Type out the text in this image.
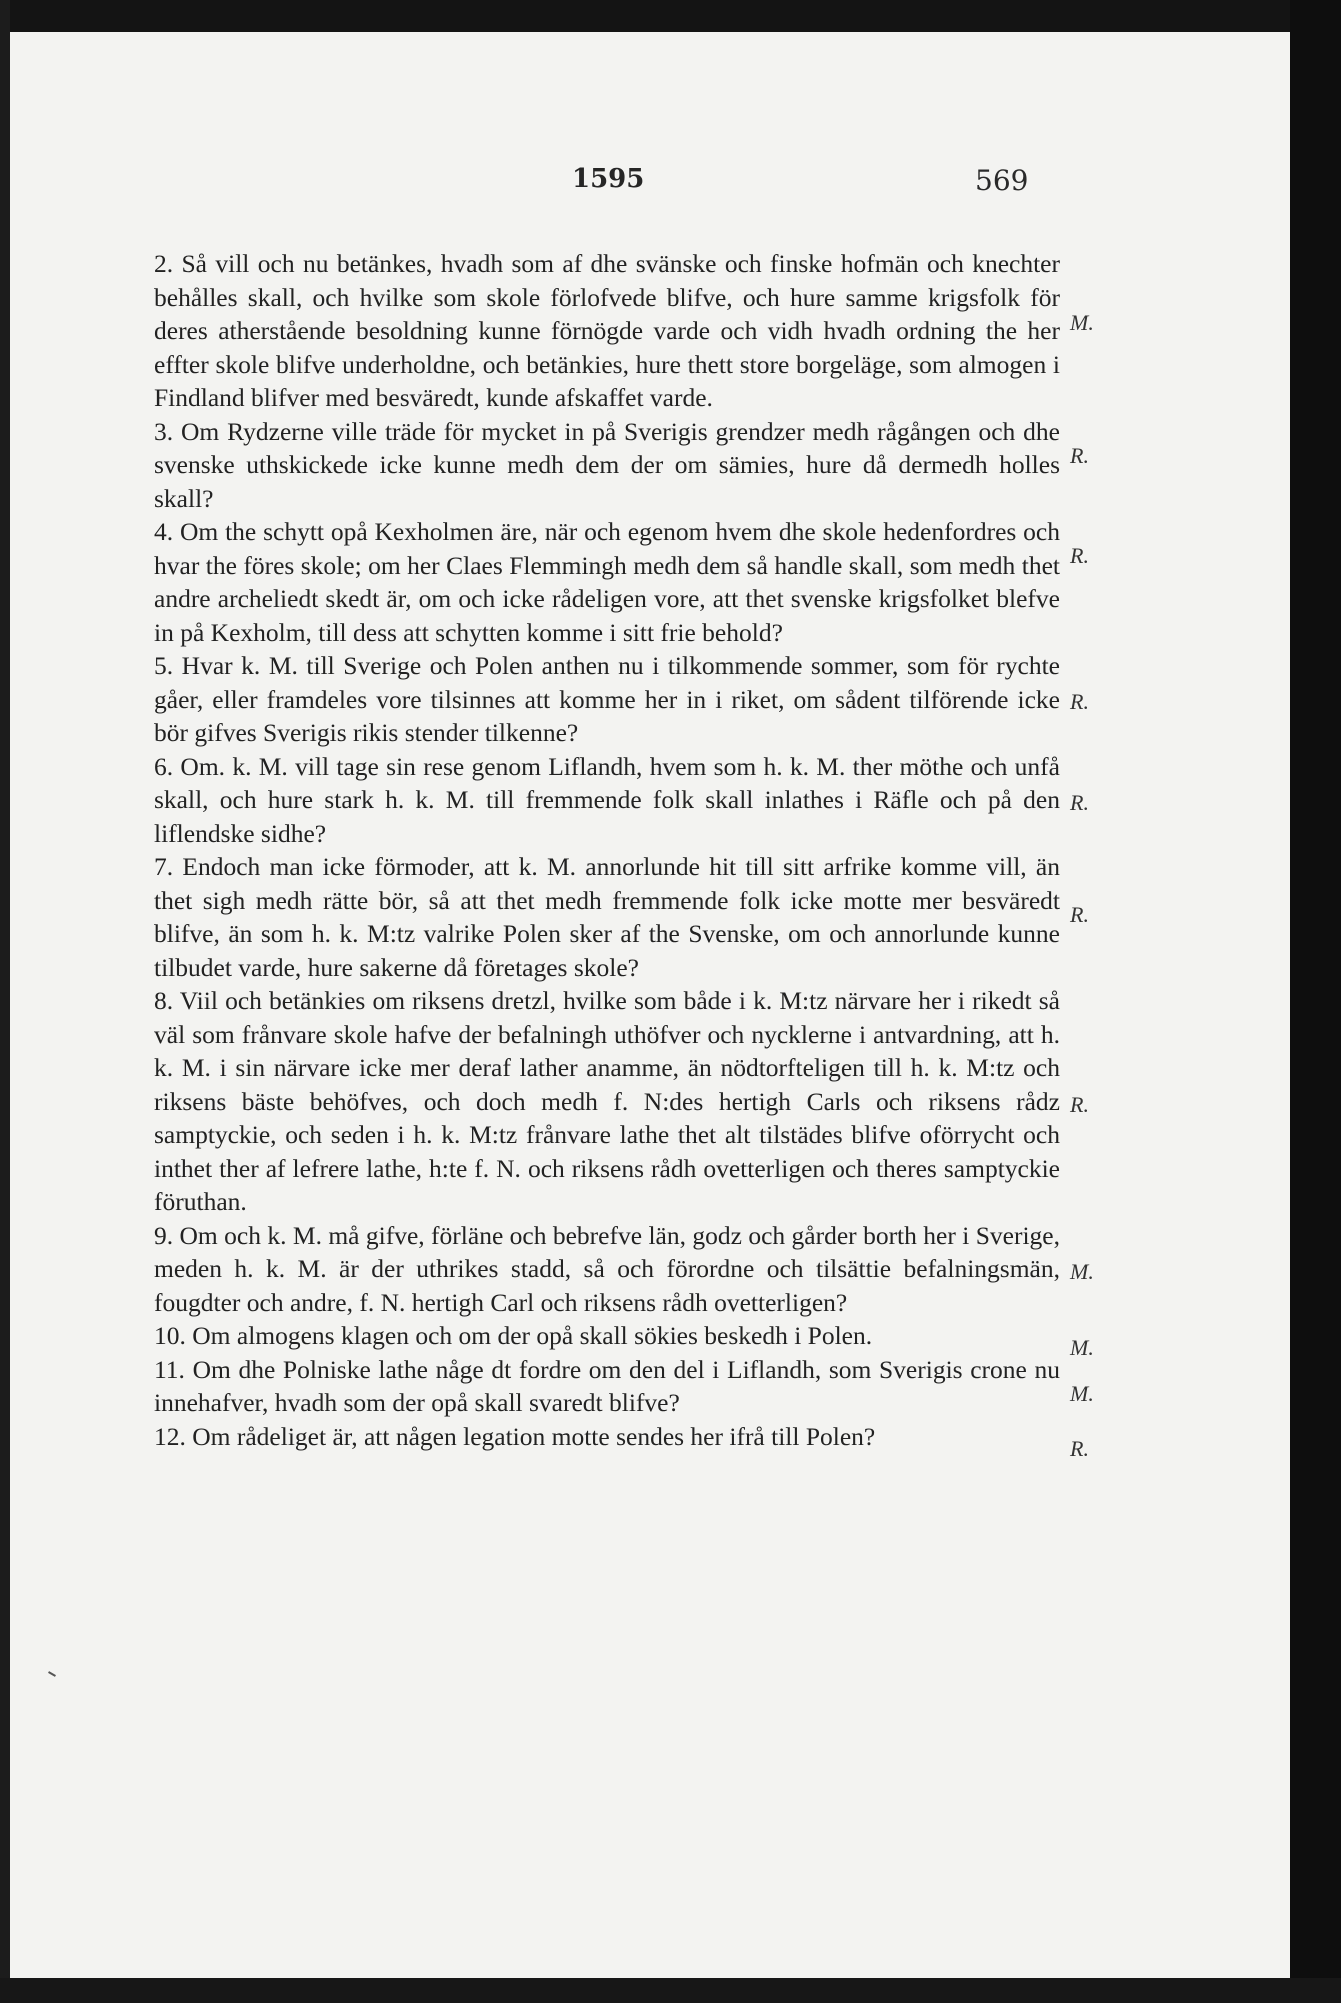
1595	569

2. Så vill och nu betänkes, hvadh som af dhe svänske och finske hofmän och knechter behålles skall, och hvilke som skole förlofvede blifve, och hure samme krigsfolk för deres atherstående besoldning kunne förnögde varde och vidh hvadh ordning the her effter skole blifve underholdne, och betänkies, hure thett store borgeläge, som almogen i Findland blifver med besväredt, kunde afskaffet varde.
M.

3. Om Rydzerne ville träde för mycket in på Sverigis grendzer medh rågången och dhe svenske uthskickede icke kunne medh dem der om sämies, hure då dermedh holles skall?
R.

4. Om the schytt opå Kexholmen äre, när och egenom hvem dhe skole hedenfordres och hvar the föres skole; om her Claes Flemmingh medh dem så handle skall, som medh thet andre archeliedt skedt är, om och icke rådeligen vore, att thet svenske krigsfolket blefve in på Kexholm, till dess att schytten komme i sitt frie behold?
R.

5. Hvar k. M. till Sverige och Polen anthen nu i tilkommende sommer, som för rychte gåer, eller framdeles vore tilsinnes att komme her in i riket, om sådent tilförende icke bör gifves Sverigis rikis stender tilkenne?
R.

6. Om. k. M. vill tage sin rese genom Liflandh, hvem som h. k. M. ther möthe och unfå skall, och hure stark h. k. M. till fremmende folk skall inlathes i Räfle och på den liflendske sidhe?
R.

7. Endoch man icke förmoder, att k. M. annorlunde hit till sitt arfrike komme vill, än thet sigh medh rätte bör, så att thet medh fremmende folk icke motte mer besväredt blifve, än som h. k. M:tz valrike Polen sker af the Svenske, om och annorlunde kunne tilbudet varde, hure sakerne då företages skole?
R.

8. Viil och betänkies om riksens dretzl, hvilke som både i k. M:tz närvare her i rikedt så väl som frånvare skole hafve der befalningh uthöfver och nycklerne i antvardning, att h. k. M. i sin närvare icke mer deraf lather anamme, än nödtorfteligen till h. k. M:tz och riksens bäste behöfves, och doch medh f. N:des hertigh Carls och riksens rådz samptyckie, och seden i h. k. M:tz frånvare lathe thet alt tilstädes blifve oförrycht och inthet ther af lefrere lathe, h:te f. N. och riksens rådh ovetterligen och theres samptyckie föruthan.
R.

9. Om och k. M. må gifve, förläne och bebrefve län, godz och gårder borth her i Sverige, meden h. k. M. är der uthrikes stadd, så och förordne och tilsättie befalningsmän, fougdter och andre, f. N. hertigh Carl och riksens rådh ovetterligen?
M.

10. Om almogens klagen och om der opå skall sökies beskedh i Polen.	M.

11. Om dhe Polniske lathe någe dt fordre om den del i Liflandh, som Sverigis crone nu innehafver, hvadh som der opå skall svaredt blifve?	M.

12. Om rådeliget är, att någen legation motte sendes her ifrå till Polen?	R.
